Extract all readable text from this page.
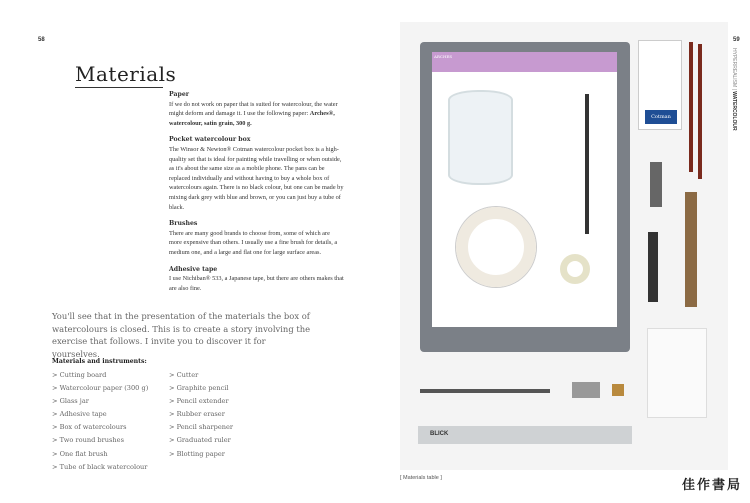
58	59
Materials
Paper

If we do not work on paper that is suited for watercolour, the water might deform and damage it. I use the following paper: Arches®, watercolour, satin grain, 300 g.

Pocket watercolour box

The Winsor & Newton® Cotman watercolour pocket box is a high-quality set that is ideal for painting while travelling or when outside, as it's about the same size as a mobile phone. The pans can be replaced individually and without having to buy a whole box of watercolours again. There is no black colour, but one can be made by mixing dark grey with blue and brown, or you can just buy a tube of black.

Brushes

There are many good brands to choose from, some of which are more expensive than others. I usually use a fine brush for details, a medium one, and a large and flat one for large surface areas.

Adhesive tape

I use Nichiban® 533, a Japanese tape, but there are others makes that are also fine.

You'll see that in the presentation of the materials the box of watercolours is closed. This is to create a story involving the exercise that follows. I invite you to discover it for yourselves.
Materials and instruments:
> Cutting board
> Watercolour paper (300 g)
> Glass jar
> Adhesive tape
> Box of watercolours
> Two round brushes
> One flat brush
> Tube of black watercolour
> Cutter
> Graphite pencil
> Pencil extender
> Rubber eraser
> Pencil sharpener
> Graduated ruler
> Blotting paper
ARCHES
Cotman
BLICK
[ Materials table ]
HYPERREALISM | WATERCOLOUR
佳作書局
